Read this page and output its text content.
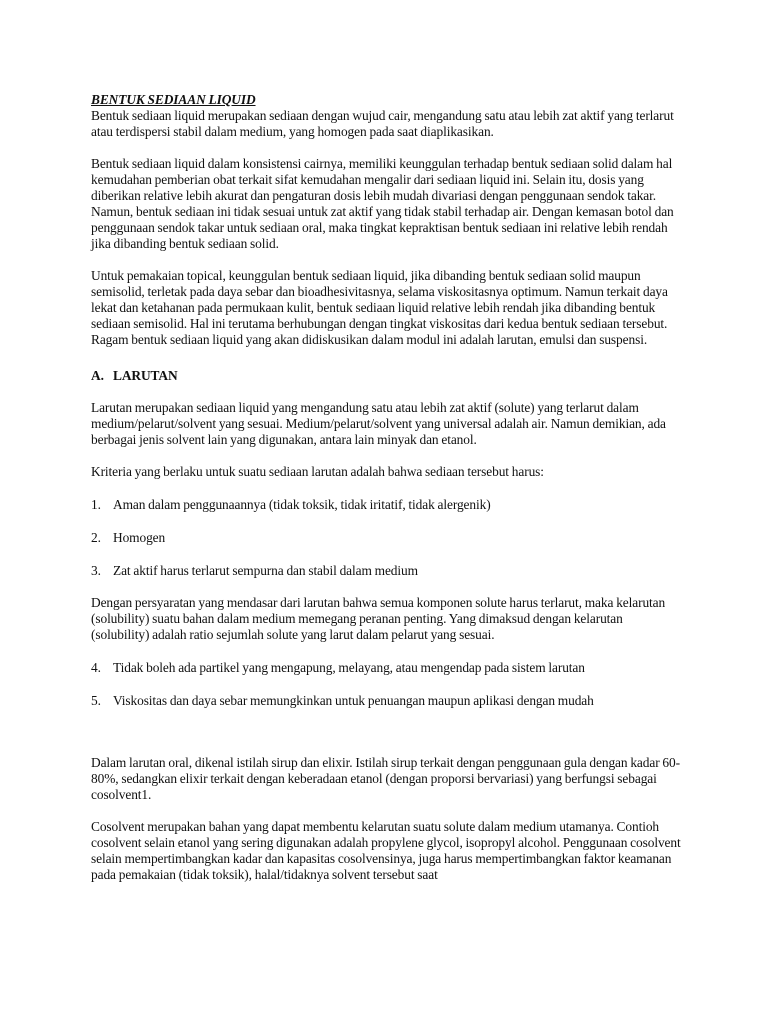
BENTUK SEDIAAN LIQUID

Bentuk sediaan liquid merupakan sediaan dengan wujud cair, mengandung satu atau lebih zat aktif yang terlarut atau terdispersi stabil dalam medium, yang homogen pada saat diaplikasikan.

Bentuk sediaan liquid dalam konsistensi cairnya, memiliki keunggulan terhadap bentuk sediaan solid dalam hal kemudahan pemberian obat terkait sifat kemudahan mengalir dari sediaan liquid ini. Selain itu, dosis yang diberikan relative lebih akurat dan pengaturan dosis lebih mudah divariasi dengan penggunaan sendok takar. Namun, bentuk sediaan ini tidak sesuai untuk zat aktif yang tidak stabil terhadap air. Dengan kemasan botol dan penggunaan sendok takar untuk sediaan oral, maka tingkat kepraktisan bentuk sediaan ini relative lebih rendah jika dibanding bentuk sediaan solid.

Untuk pemakaian topical, keunggulan bentuk sediaan liquid, jika dibanding bentuk sediaan solid maupun semisolid, terletak pada daya sebar dan bioadhesivitasnya, selama viskositasnya optimum. Namun terkait daya lekat dan ketahanan pada permukaan kulit, bentuk sediaan liquid relative lebih rendah jika dibanding bentuk sediaan semisolid. Hal ini terutama berhubungan dengan tingkat viskositas dari kedua bentuk sediaan tersebut.

Ragam bentuk sediaan liquid yang akan didiskusikan dalam modul ini adalah larutan, emulsi dan suspensi.

A. LARUTAN

Larutan merupakan sediaan liquid yang mengandung satu atau lebih zat aktif (solute) yang terlarut dalam medium/pelarut/solvent yang sesuai. Medium/pelarut/solvent yang universal adalah air. Namun demikian, ada berbagai jenis solvent lain yang digunakan, antara lain minyak dan etanol.

Kriteria yang berlaku untuk suatu sediaan larutan adalah bahwa sediaan tersebut harus:

1. Aman dalam penggunaannya (tidak toksik, tidak iritatif, tidak alergenik)
2. Homogen
3. Zat aktif harus terlarut sempurna dan stabil dalam medium

Dengan persyaratan yang mendasar dari larutan bahwa semua komponen solute harus terlarut, maka kelarutan (solubility) suatu bahan dalam medium memegang peranan penting. Yang dimaksud dengan kelarutan (solubility) adalah ratio sejumlah solute yang larut dalam pelarut yang sesuai.

4. Tidak boleh ada partikel yang mengapung, melayang, atau mengendap pada sistem larutan
5. Viskositas dan daya sebar memungkinkan untuk penuangan maupun aplikasi dengan mudah

Dalam larutan oral, dikenal istilah sirup dan elixir. Istilah sirup terkait dengan penggunaan gula dengan kadar 60-80%, sedangkan elixir terkait dengan keberadaan etanol (dengan proporsi bervariasi) yang berfungsi sebagai cosolvent1.

Cosolvent merupakan bahan yang dapat membentu kelarutan suatu solute dalam medium utamanya. Contioh cosolvent selain etanol yang sering digunakan adalah propylene glycol, isopropyl alcohol. Penggunaan cosolvent selain mempertimbangkan kadar dan kapasitas cosolvensinya, juga harus mempertimbangkan faktor keamanan pada pemakaian (tidak toksik), halal/tidaknya solvent tersebut saat
